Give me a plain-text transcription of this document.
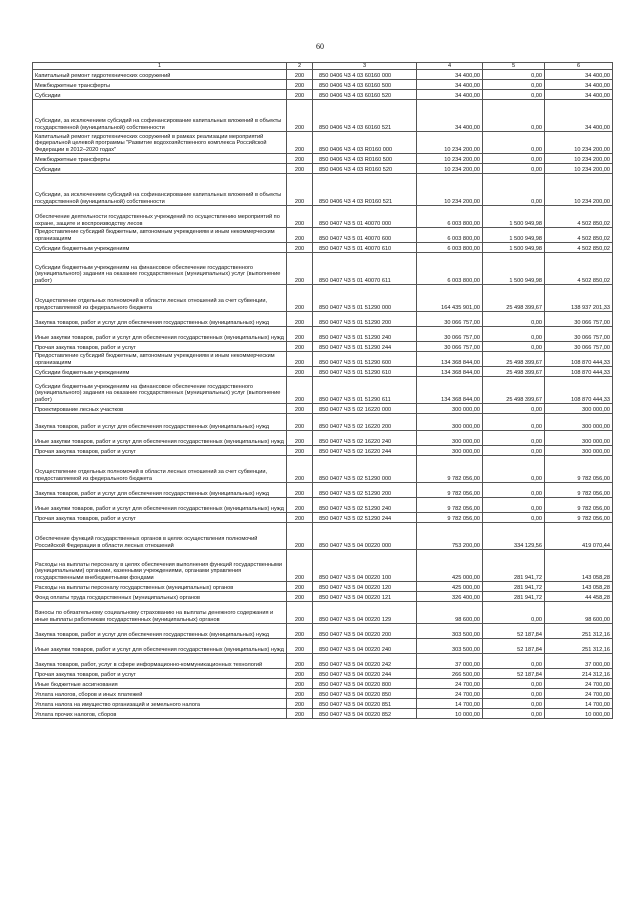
60
1	2	3	4	5	6
Капитальный ремонт гидротехнических сооружений	200	850 0406 Ч3 4 03 60160 000	34 400,00	0,00	34 400,00
Межбюджетные трансферты	200	850 0406 Ч3 4 03 60160 500	34 400,00	0,00	34 400,00
Субсидии	200	850 0406 Ч3 4 03 60160 520	34 400,00	0,00	34 400,00
Субсидии, за исключением субсидий на софинансирование капитальных вложений в объекты государственной (муниципальной) собственности	200	850 0406 Ч3 4 03 60160 521	34 400,00	0,00	34 400,00
Капитальный ремонт гидротехнических сооружений в рамках реализации мероприятий федеральной целевой программы "Развитие водохозяйственного комплекса Российской Федерации в 2012–2020 годах"	200	850 0406 Ч3 4 03 R0160 000	10 234 200,00	0,00	10 234 200,00
Межбюджетные трансферты	200	850 0406 Ч3 4 03 R0160 500	10 234 200,00	0,00	10 234 200,00
Субсидии	200	850 0406 Ч3 4 03 R0160 520	10 234 200,00	0,00	10 234 200,00
Субсидии, за исключением субсидий на софинансирование капитальных вложений в объекты государственной (муниципальной) собственности	200	850 0406 Ч3 4 03 R0160 521	10 234 200,00	0,00	10 234 200,00
Обеспечение деятельности государственных учреждений по осуществлению мероприятий по охране, защите и воспроизводству лесов	200	850 0407 Ч3 5 01 40070 000	6 003 800,00	1 500 949,98	4 502 850,02
Предоставление субсидий бюджетным, автономным учреждениям и иным некоммерческим организациям	200	850 0407 Ч3 5 01 40070 600	6 003 800,00	1 500 949,98	4 502 850,02
Субсидии бюджетным учреждениям	200	850 0407 Ч3 5 01 40070 610	6 003 800,00	1 500 949,98	4 502 850,02
Субсидии бюджетным учреждениям на финансовое обеспечение государственного (муниципального) задания на оказание государственных (муниципальных) услуг (выполнение работ)	200	850 0407 Ч3 5 01 40070 611	6 003 800,00	1 500 949,98	4 502 850,02
Осуществление отдельных полномочий в области лесных отношений за счет субвенции, предоставляемой из федерального бюджета	200	850 0407 Ч3 5 01 51290 000	164 435 901,00	25 498 399,67	138 937 201,33
Закупка товаров, работ и услуг для обеспечения государственных (муниципальных) нужд	200	850 0407 Ч3 5 01 51290 200	30 066 757,00	0,00	30 066 757,00
Иные закупки товаров, работ и услуг для обеспечения государственных (муниципальных) нужд	200	850 0407 Ч3 5 01 51290 240	30 066 757,00	0,00	30 066 757,00
Прочая закупка товаров, работ и услуг	200	850 0407 Ч3 5 01 51290 244	30 066 757,00	0,00	30 066 757,00
Предоставление субсидий бюджетным, автономным учреждениям и иным некоммерческим организациям	200	850 0407 Ч3 5 01 51290 600	134 368 844,00	25 498 399,67	108 870 444,33
Субсидии бюджетным учреждениям	200	850 0407 Ч3 5 01 51290 610	134 368 844,00	25 498 399,67	108 870 444,33
Субсидии бюджетным учреждениям на финансовое обеспечение государственного (муниципального) задания на оказание государственных (муниципальных) услуг (выполнение работ)	200	850 0407 Ч3 5 01 51290 611	134 368 844,00	25 498 399,67	108 870 444,33
Проектирование лесных участков	200	850 0407 Ч3 5 02 16220 000	300 000,00	0,00	300 000,00
Закупка товаров, работ и услуг для обеспечения государственных (муниципальных) нужд	200	850 0407 Ч3 5 02 16220 200	300 000,00	0,00	300 000,00
Иные закупки товаров, работ и услуг для обеспечения государственных (муниципальных) нужд	200	850 0407 Ч3 5 02 16220 240	300 000,00	0,00	300 000,00
Прочая закупка товаров, работ и услуг	200	850 0407 Ч3 5 02 16220 244	300 000,00	0,00	300 000,00
Осуществление отдельных полномочий в области лесных отношений за счет субвенции, предоставляемой из федерального бюджета	200	850 0407 Ч3 5 02 51290 000	9 782 056,00	0,00	9 782 056,00
Закупка товаров, работ и услуг для обеспечения государственных (муниципальных) нужд	200	850 0407 Ч3 5 02 51290 200	9 782 056,00	0,00	9 782 056,00
Иные закупки товаров, работ и услуг для обеспечения государственных (муниципальных) нужд	200	850 0407 Ч3 5 02 51290 240	9 782 056,00	0,00	9 782 056,00
Прочая закупка товаров, работ и услуг	200	850 0407 Ч3 5 02 51290 244	9 782 056,00	0,00	9 782 056,00
Обеспечение функций государственных органов в целях осуществления полномочий Российской Федерации в области лесных отношений	200	850 0407 Ч3 5 04 00220 000	753 200,00	334 129,56	419 070,44
Расходы на выплаты персоналу в целях обеспечения выполнения функций государственными (муниципальными) органами, казенными учреждениями, органами управления государственными внебюджетными фондами	200	850 0407 Ч3 5 04 00220 100	425 000,00	281 941,72	143 058,28
Расходы на выплаты персоналу государственных (муниципальных) органов	200	850 0407 Ч3 5 04 00220 120	425 000,00	281 941,72	143 058,28
Фонд оплаты труда государственных (муниципальных) органов	200	850 0407 Ч3 5 04 00220 121	326 400,00	281 941,72	44 458,28
Взносы по обязательному социальному страхованию на выплаты денежного содержания и иные выплаты работникам государственных (муниципальных) органов	200	850 0407 Ч3 5 04 00220 129	98 600,00	0,00	98 600,00
Закупка товаров, работ и услуг для обеспечения государственных (муниципальных) нужд	200	850 0407 Ч3 5 04 00220 200	303 500,00	52 187,84	251 312,16
Иные закупки товаров, работ и услуг для обеспечения государственных (муниципальных) нужд	200	850 0407 Ч3 5 04 00220 240	303 500,00	52 187,84	251 312,16
Закупка товаров, работ, услуг в сфере информационно-коммуникационных технологий	200	850 0407 Ч3 5 04 00220 242	37 000,00	0,00	37 000,00
Прочая закупка товаров, работ и услуг	200	850 0407 Ч3 5 04 00220 244	266 500,00	52 187,84	214 312,16
Иные бюджетные ассигнования	200	850 0407 Ч3 5 04 00220 800	24 700,00	0,00	24 700,00
Уплата налогов, сборов и иных платежей	200	850 0407 Ч3 5 04 00220 850	24 700,00	0,00	24 700,00
Уплата налога на имущество организаций и земельного налога	200	850 0407 Ч3 5 04 00220 851	14 700,00	0,00	14 700,00
Уплата прочих налогов, сборов	200	850 0407 Ч3 5 04 00220 852	10 000,00	0,00	10 000,00
